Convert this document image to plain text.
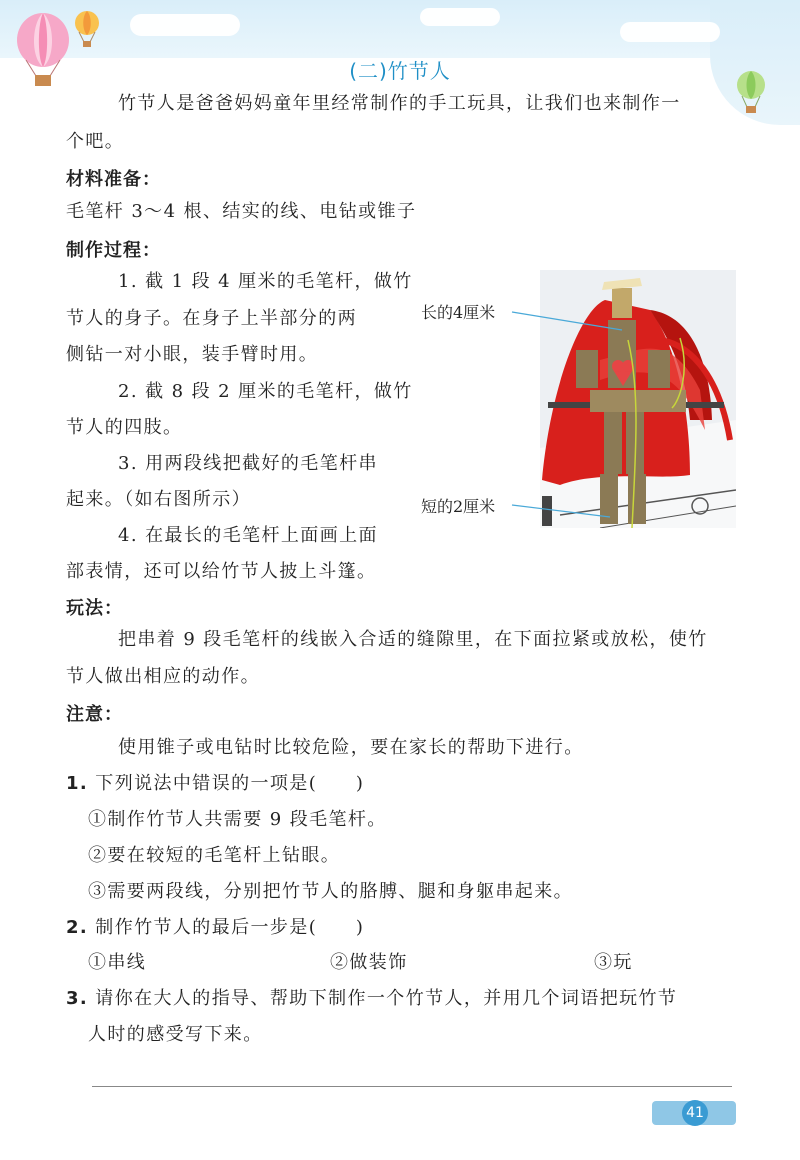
(二)竹节人
竹节人是爸爸妈妈童年里经常制作的手工玩具，让我们也来制作一
个吧。
材料准备：
毛笔杆 3～4 根、结实的线、电钻或锥子
制作过程：
1. 截 1 段 4 厘米的毛笔杆，做竹
节人的身子。在身子上半部分的两
侧钻一对小眼，装手臂时用。
2. 截 8 段 2 厘米的毛笔杆，做竹
节人的四肢。
3. 用两段线把截好的毛笔杆串
起来。（如右图所示）
4. 在最长的毛笔杆上面画上面
部表情，还可以给竹节人披上斗篷。
长的4厘米
短的2厘米
玩法：
把串着 9 段毛笔杆的线嵌入合适的缝隙里，在下面拉紧或放松，使竹
节人做出相应的动作。
注意：
使用锥子或电钻时比较危险，要在家长的帮助下进行。
1. 下列说法中错误的一项是(　　)
①制作竹节人共需要 9 段毛笔杆。
②要在较短的毛笔杆上钻眼。
③需要两段线，分别把竹节人的胳膊、腿和身躯串起来。
2. 制作竹节人的最后一步是(　　)
①串线	②做装饰	③玩
3. 请你在大人的指导、帮助下制作一个竹节人，并用几个词语把玩竹节
人时的感受写下来。
41
